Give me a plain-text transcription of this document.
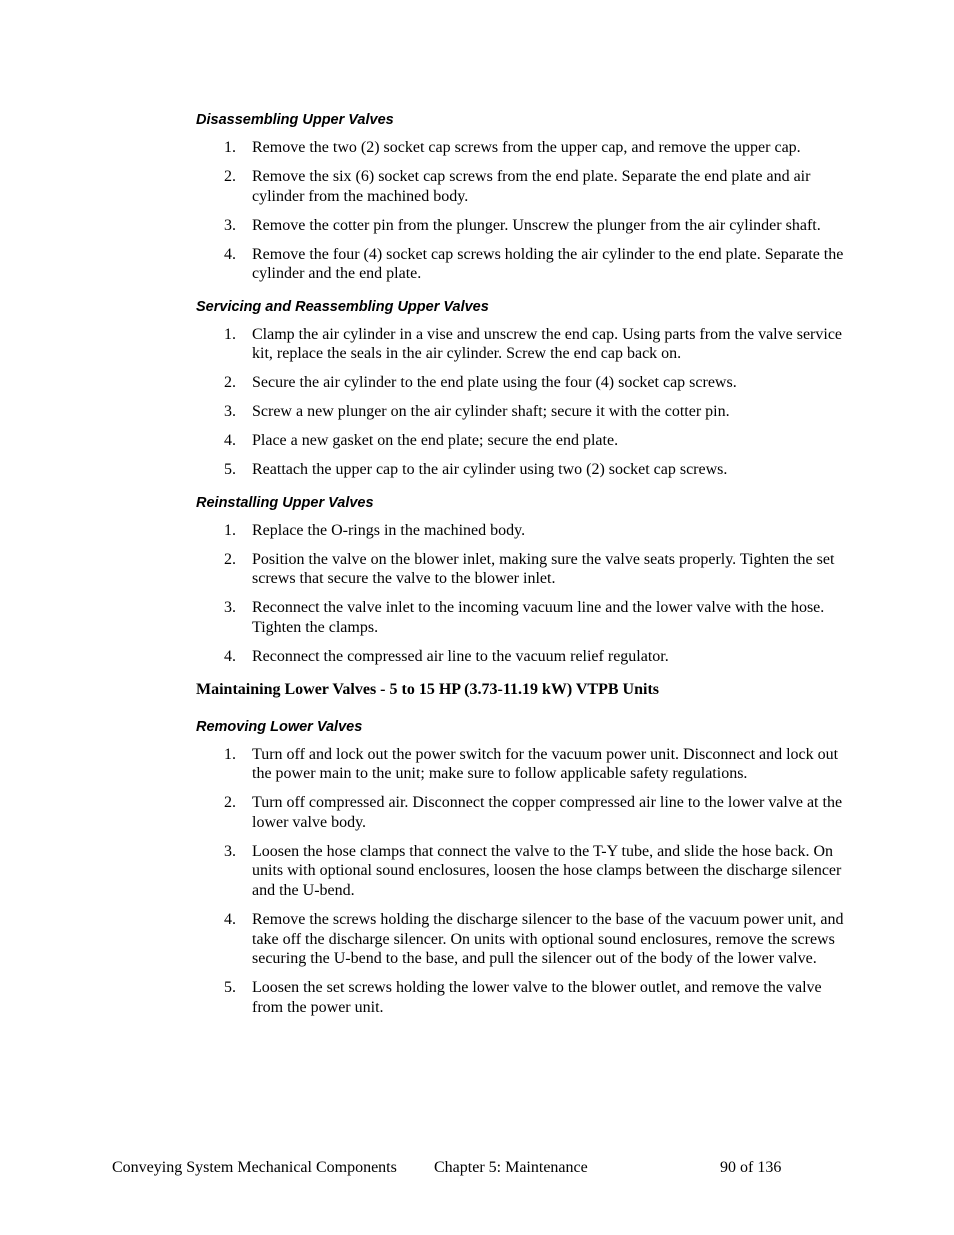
Disassembling Upper Valves
1. Remove the two (2) socket cap screws from the upper cap, and remove the upper cap.
2. Remove the six (6) socket cap screws from the end plate. Separate the end plate and air cylinder from the machined body.
3. Remove the cotter pin from the plunger. Unscrew the plunger from the air cylinder shaft.
4. Remove the four (4) socket cap screws holding the air cylinder to the end plate. Separate the cylinder and the end plate.
Servicing and Reassembling Upper Valves
1. Clamp the air cylinder in a vise and unscrew the end cap. Using parts from the valve service kit, replace the seals in the air cylinder. Screw the end cap back on.
2. Secure the air cylinder to the end plate using the four (4) socket cap screws.
3. Screw a new plunger on the air cylinder shaft; secure it with the cotter pin.
4. Place a new gasket on the end plate; secure the end plate.
5. Reattach the upper cap to the air cylinder using two (2) socket cap screws.
Reinstalling Upper Valves
1. Replace the O-rings in the machined body.
2. Position the valve on the blower inlet, making sure the valve seats properly. Tighten the set screws that secure the valve to the blower inlet.
3. Reconnect the valve inlet to the incoming vacuum line and the lower valve with the hose. Tighten the clamps.
4. Reconnect the compressed air line to the vacuum relief regulator.
Maintaining Lower Valves - 5 to 15 HP (3.73-11.19 kW) VTPB Units
Removing Lower Valves
1. Turn off and lock out the power switch for the vacuum power unit. Disconnect and lock out the power main to the unit; make sure to follow applicable safety regulations.
2. Turn off compressed air. Disconnect the copper compressed air line to the lower valve at the lower valve body.
3. Loosen the hose clamps that connect the valve to the T-Y tube, and slide the hose back. On units with optional sound enclosures, loosen the hose clamps between the discharge silencer and the U-bend.
4. Remove the screws holding the discharge silencer to the base of the vacuum power unit, and take off the discharge silencer. On units with optional sound enclosures, remove the screws securing the U-bend to the base, and pull the silencer out of the body of the lower valve.
5. Loosen the set screws holding the lower valve to the blower outlet, and remove the valve from the power unit.
Conveying System Mechanical Components Chapter 5: Maintenance	90 of 136
